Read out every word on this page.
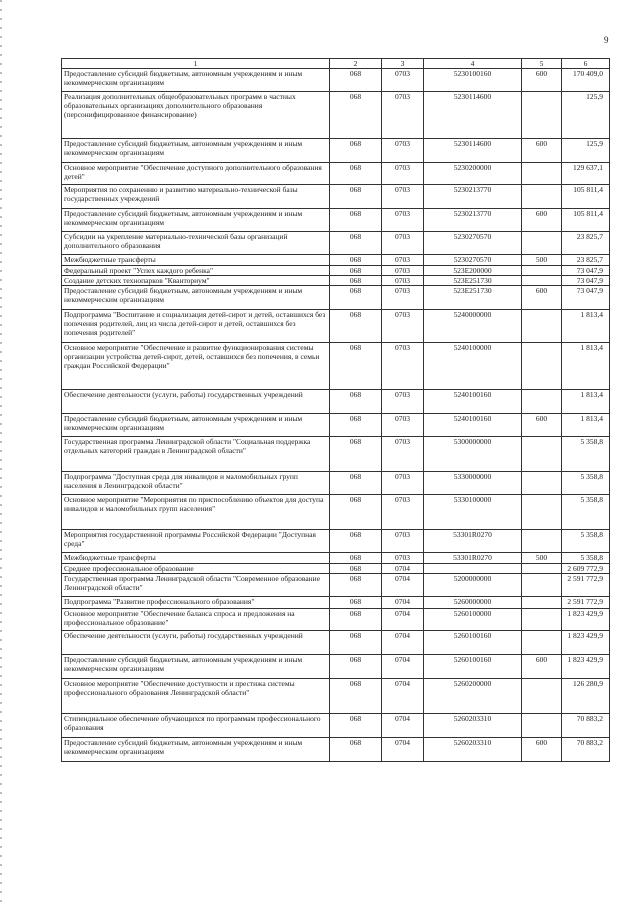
9
1	2	3	4	5	6
Предоставление субсидий бюджетным, автономным учреждениям и иным некоммерческим организациям	068	0703	5230100160	600	170 409,0
Реализация дополнительных общеобразовательных программ в частных образовательных организациях дополнительного образования (персонифицированное финансирование)	068	0703	5230114600		125,9
Предоставление субсидий бюджетным, автономным учреждениям и иным некоммерческим организациям	068	0703	5230114600	600	125,9
Основное мероприятие "Обеспечение доступного дополнительного образования детей"	068	0703	5230200000		129 637,1
Мероприятия по сохранению и развитию материально-технической базы государственных учреждений	068	0703	5230213770		105 811,4
Предоставление субсидий бюджетным, автономным учреждениям и иным некоммерческим организациям	068	0703	5230213770	600	105 811,4
Субсидии на укрепление материально-технической базы организаций дополнительного образования	068	0703	5230270570		23 825,7
Межбюджетные трансферты	068	0703	5230270570	500	23 825,7
Федеральный проект "Успех каждого ребенка"	068	0703	523E200000		73 047,9
Создание детских технопарков "Кванториум"	068	0703	523E251730		73 047,9
Предоставление субсидий бюджетным, автономным учреждениям и иным некоммерческим организациям	068	0703	523E251730	600	73 047,9
Подпрограмма "Воспитание и социализация детей-сирот и детей, оставшихся без попечения родителей, лиц из числа детей-сирот и детей, оставшихся без попечения родителей"	068	0703	5240000000		1 813,4
Основное мероприятие "Обеспечение и развитие функционирования системы организации устройства детей-сирот, детей, оставшихся без попечения, в семьи граждан Российской Федерации"	068	0703	5240100000		1 813,4
Обеспечение деятельности (услуги, работы) государственных учреждений	068	0703	5240100160		1 813,4
Предоставление субсидий бюджетным, автономным учреждениям и иным некоммерческим организациям	068	0703	5240100160	600	1 813,4
Государственная программа Ленинградской области "Социальная поддержка отдельных категорий граждан в Ленинградской области"	068	0703	5300000000		5 358,8
Подпрограмма "Доступная среда для инвалидов и маломобильных групп населения в Ленинградской области"	068	0703	5330000000		5 358,8
Основное мероприятие "Мероприятия по приспособлению объектов для доступа инвалидов и маломобильных групп населения"	068	0703	5330100000		5 358,8
Мероприятия государственной программы Российской Федерации "Доступная среда"	068	0703	53301R0270		5 358,8
Межбюджетные трансферты	068	0703	53301R0270	500	5 358,8
Среднее профессиональное образование	068	0704			2 609 772,9
Государственная программа Ленинградской области "Современное образование Ленинградской области"	068	0704	5200000000		2 591 772,9
Подпрограмма "Развитие профессионального образования"	068	0704	5260000000		2 591 772,9
Основное мероприятие "Обеспечение баланса спроса и предложения на профессиональное образование"	068	0704	5260100000		1 823 429,9
Обеспечение деятельности (услуги, работы) государственных учреждений	068	0704	5260100160		1 823 429,9
Предоставление субсидий бюджетным, автономным учреждениям и иным некоммерческим организациям	068	0704	5260100160	600	1 823 429,9
Основное мероприятие "Обеспечение доступности и престижа системы профессионального образования Ленинградской области"	068	0704	5260200000		126 280,9
Стипендиальное обеспечение обучающихся по программам профессионального образования	068	0704	5260203310		70 883,2
Предоставление субсидий бюджетным, автономным учреждениям и иным некоммерческим организациям	068	0704	5260203310	600	70 883,2
